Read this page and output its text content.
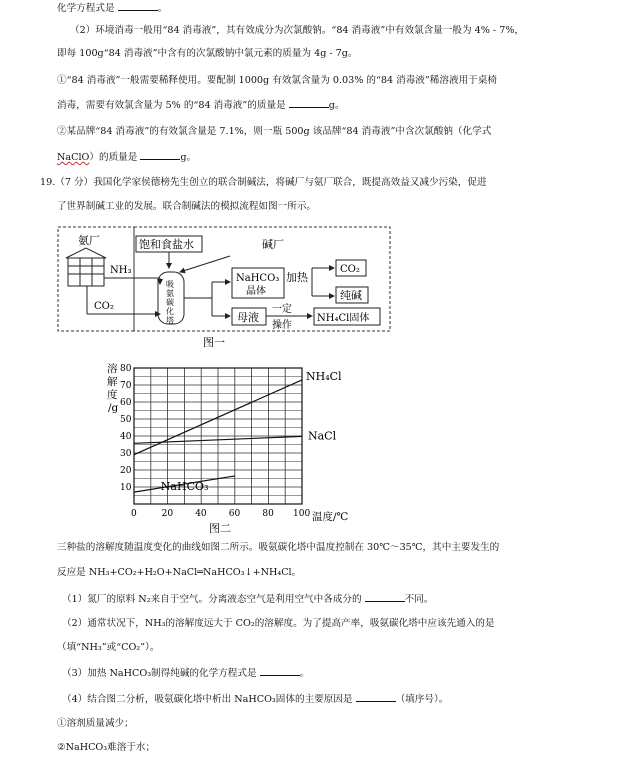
化学方程式是	。
（2）环境消毒一般用“84 消毒液”，其有效成分为次氯酸钠。“84 消毒液”中有效氯含量一般为 4% - 7%，
即每 100g“84 消毒液”中含有的次氯酸钠中氯元素的质量为 4g - 7g。
①“84 消毒液”一般需要稀释使用。要配制 1000g 有效氯含量为 0.03% 的“84 消毒液”稀溶液用于桌椅
消毒，需要有效氯含量为 5% 的“84 消毒液”的质量是	g。
②某品牌“84 消毒液”的有效氯含量是 7.1%，则一瓶 500g 该品牌“84 消毒液”中含次氯酸钠（化学式
NaClO）的质量是	g。
19.（7 分）我国化学家侯德榜先生创立的联合制碱法，将碱厂与氨厂联合，既提高效益又减少污染，促进
了世界制碱工业的发展。联合制碱法的模拟流程如图一所示。
氨厂
NH₃
CO₂
饱和食盐水	碱厂
吸
氨
碳
化
塔
NaHCO₃
晶体
加热
CO₂
纯碱
母液
一定
操作
NH₄Cl固体
图一
0	20 40 60 80 100
10
20
30
40
50
60
70
80
NH₄Cl
NaCl
NaHCO₃
溶
解
度
/g
温度/℃
图二
三种盐的溶解度随温度变化的曲线如图二所示。吸氨碳化塔中温度控制在 30℃～35℃，其中主要发生的
反应是 NH₃+CO₂+H₂O+NaCl═NaHCO₃↓+NH₄Cl。
（1）氮厂的原料 N₂来自于空气。分离液态空气是利用空气中各成分的	不同。
（2）通常状况下，NH₃的溶解度远大于 CO₂的溶解度。为了提高产率，吸氨碳化塔中应该先通入的是
（填“NH₃”或“CO₂”）。
（3）加热 NaHCO₃制得纯碱的化学方程式是	。
（4）结合图二分析，吸氨碳化塔中析出 NaHCO₃固体的主要原因是	（填序号）。
①溶剂质量减少；
②NaHCO₃难溶于水；
